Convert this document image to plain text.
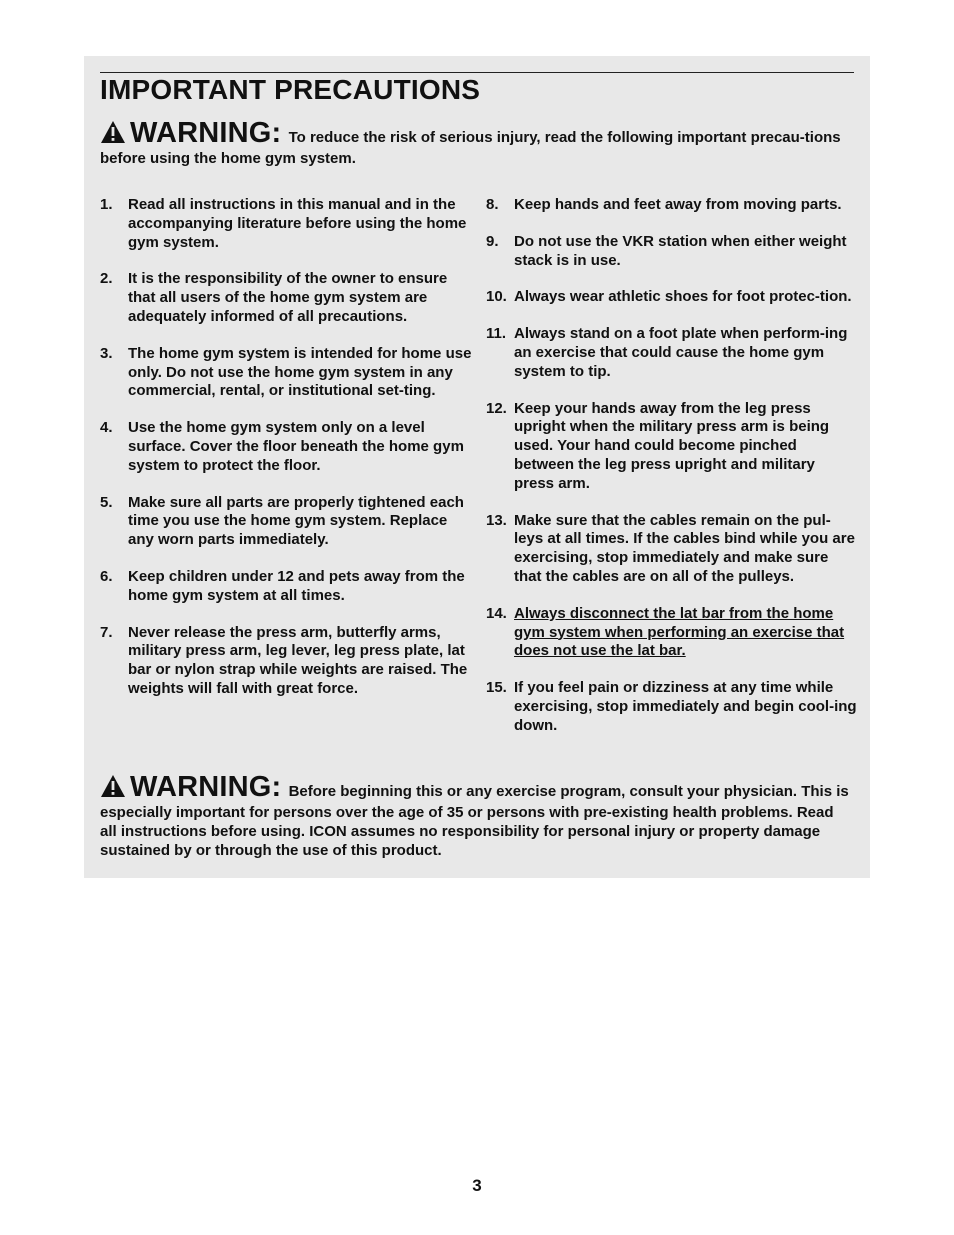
IMPORTANT PRECAUTIONS
WARNING: To reduce the risk of serious injury, read the following important precau-tions before using the home gym system.
1.	Read all instructions in this manual and in the accompanying literature before using the home gym system.
2.	It is the responsibility of the owner to ensure that all users of the home gym system are adequately informed of all precautions.
3.	The home gym system is intended for home use only. Do not use the home gym system in any commercial, rental, or institutional set-ting.
4.	Use the home gym system only on a level surface. Cover the floor beneath the home gym system to protect the floor.
5.	Make sure all parts are properly tightened each time you use the home gym system. Replace any worn parts immediately.
6.	Keep children under 12 and pets away from the home gym system at all times.
7.	Never release the press arm, butterfly arms, military press arm, leg lever, leg press plate, lat bar or nylon strap while weights are raised. The weights will fall with great force.
8.	Keep hands and feet away from moving parts.
9.	Do not use the VKR station when either weight stack is in use.
10. Always wear athletic shoes for foot protec-tion.
11. Always stand on a foot plate when perform-ing an exercise that could cause the home gym system to tip.
12. Keep your hands away from the leg press upright when the military press arm is being used. Your hand could become pinched between the leg press upright and military press arm.
13. Make sure that the cables remain on the pul-leys at all times. If the cables bind while you are exercising, stop immediately and make sure that the cables are on all of the pulleys.
14. Always disconnect the lat bar from the home gym system when performing an exercise that does not use the lat bar.
15. If you feel pain or dizziness at any time while exercising, stop immediately and begin cool-ing down.
WARNING: Before beginning this or any exercise program, consult your physician. This is especially important for persons over the age of 35 or persons with pre-existing health problems. Read all instructions before using. ICON assumes no responsibility for personal injury or property damage sustained by or through the use of this product.
3
